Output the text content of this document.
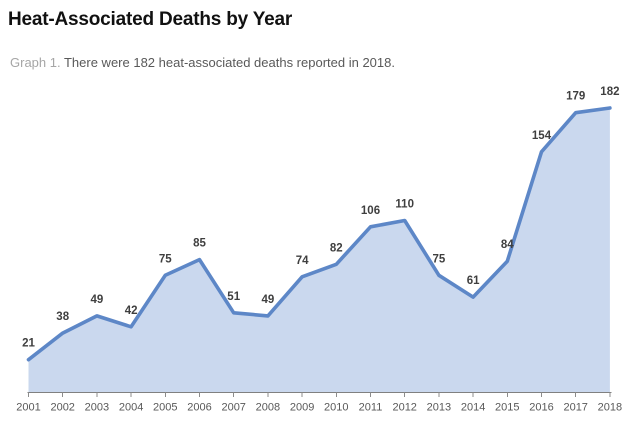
Heat-Associated Deaths by Year

Graph 1. There were 182 heat-associated deaths reported in 2018.

2001
21
2002
38
2003
49
2004
42
2005
75
2006
85
2007
51
2008
49
2009
74
2010
82
2011
106
2012
110
2013
75
2014
61
2015
84
2016
154
2017
179
2018
182
